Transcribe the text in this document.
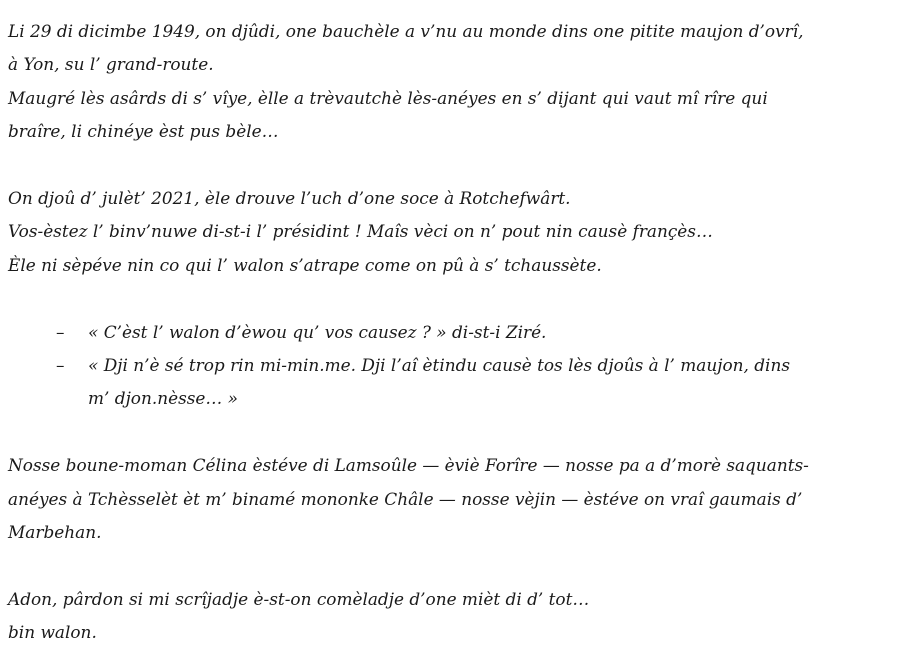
Li 29 di dicimbe 1949, on djûdi, one bauchèle a v’nu au monde dins one pitite maujon d’ovrî,

à Yon, su l’ grand-route.

Maugré lès asârds di s’ vîye, èlle a trèvautchè lès-anéyes en s’ dijant qui vaut mî rîre qui

braîre, li chinéye èst pus bèle…

On djoû d’ julèt’ 2021, èle drouve l’uch d’one soce à Rotchefwârt.

Vos-èstez l’ binv’nuwe di-st-i l’ présidint ! Maîs vèci on n’ pout nin causè françès…

Èle ni sèpéve nin co qui l’ walon s’atrape come on pû à s’ tchaussète.

– « C’èst l’ walon d’èwou qu’ vos causez ? » di-st-i Ziré.
– « Dji n’è sé trop rin mi-min.me. Dji l’aî ètindu causè tos lès djoûs à l’ maujon, dins
m’ djon.nèsse… »

Nosse boune-moman Célina èstéve di Lamsoûle — èviè Forîre — nosse pa a d’morè saquants-

anéyes à Tchèsselèt èt m’ binamé mononke Châle — nosse vèjin — èstéve on vraî gaumais d’

Marbehan.

Adon, pârdon si mi scrîjadje è-st-on comèladje d’one mièt di d’ tot…

bin walon.
